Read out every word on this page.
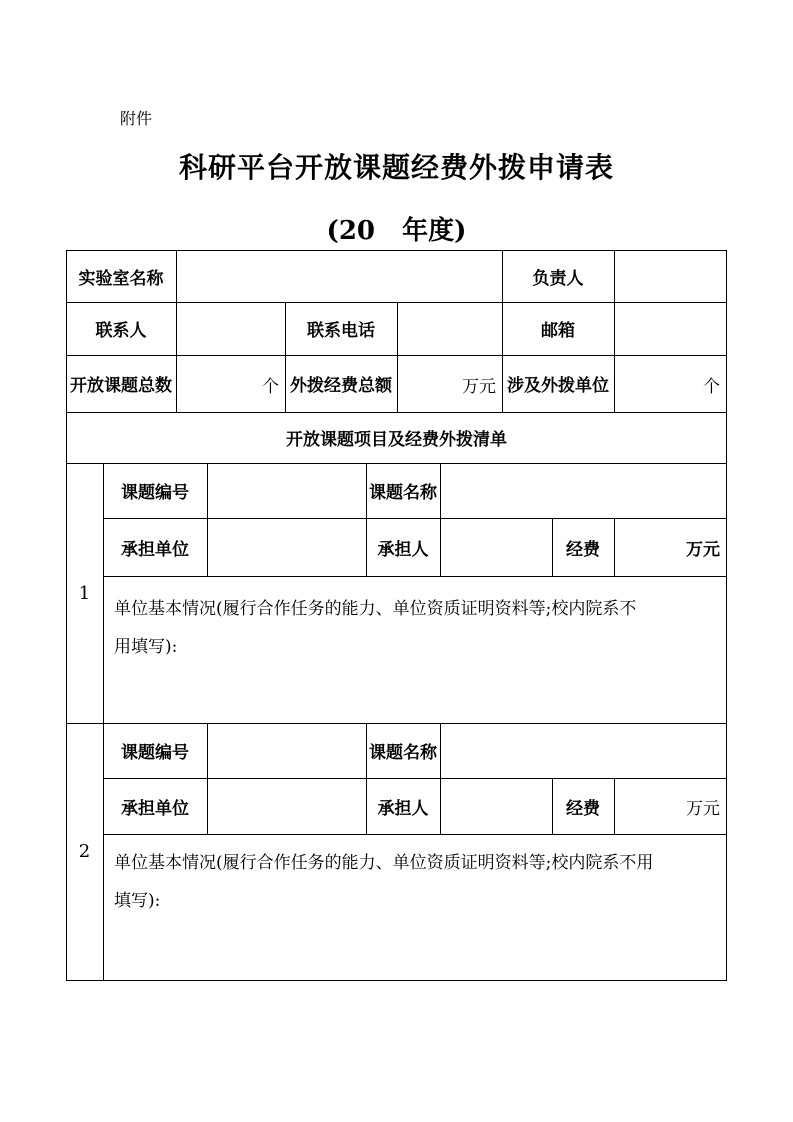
附件
科研平台开放课题经费外拨申请表
(20   年度)
实验室名称	负责人
联系人	联系电话	邮箱
开放课题总数	个 外拨经费总额	万元 涉及外拨单位	个
开放课题项目及经费外拨清单
1
课题编号	课题名称
承担单位	承担人	经费	万元
单位基本情况(履行合作任务的能力、单位资质证明资料等;校内院系不
用填写):
2
课题编号	课题名称
承担单位	承担人	经费	万元
单位基本情况(履行合作任务的能力、单位资质证明资料等;校内院系不用
填写):
